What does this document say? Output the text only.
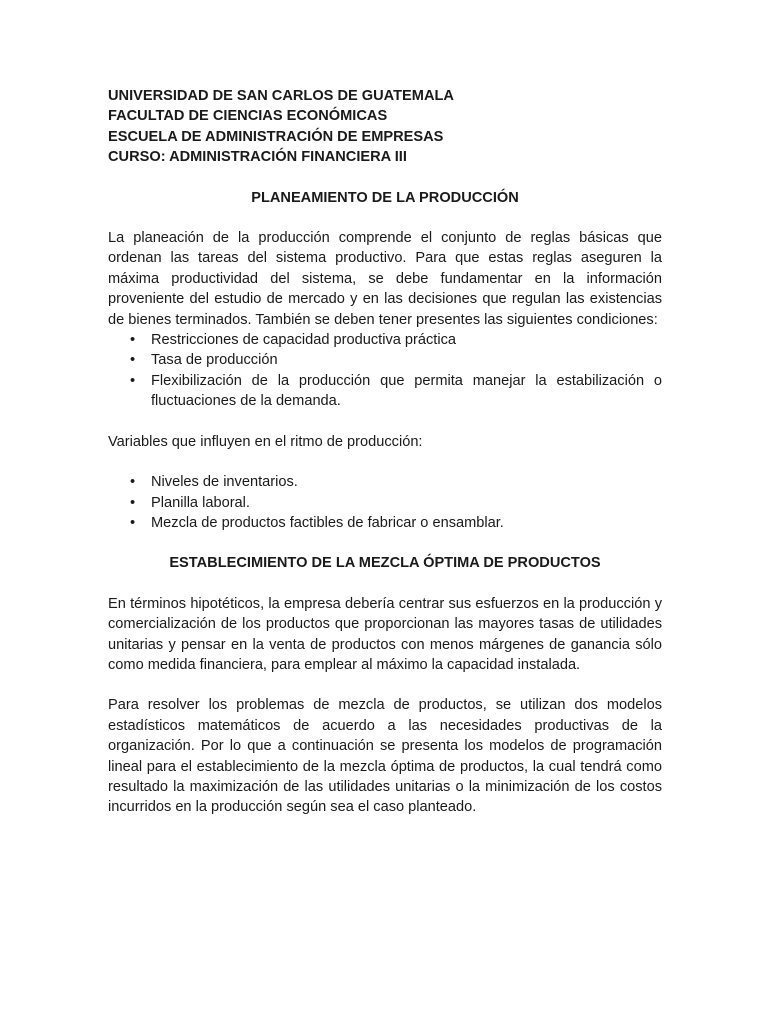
UNIVERSIDAD DE SAN CARLOS DE GUATEMALA

FACULTAD DE CIENCIAS ECONÓMICAS

ESCUELA DE ADMINISTRACIÓN DE EMPRESAS

CURSO: ADMINISTRACIÓN FINANCIERA III

PLANEAMIENTO DE LA PRODUCCIÓN

La planeación de la producción comprende el conjunto de reglas básicas que ordenan las tareas del sistema productivo. Para que estas reglas aseguren la máxima productividad del sistema, se debe fundamentar en la información proveniente del estudio de mercado y en las decisiones que regulan las existencias de bienes terminados. También se deben tener presentes las siguientes condiciones:

• Restricciones de capacidad productiva práctica
• Tasa de producción
• Flexibilización de la producción que permita manejar la estabilización o fluctuaciones de la demanda.

Variables que influyen en el ritmo de producción:

• Niveles de inventarios.
• Planilla laboral.
• Mezcla de productos factibles de fabricar o ensamblar.

ESTABLECIMIENTO DE LA MEZCLA ÓPTIMA DE PRODUCTOS

En términos hipotéticos, la empresa debería centrar sus esfuerzos en la producción y comercialización de los productos que proporcionan las mayores tasas de utilidades unitarias y pensar en la venta de productos con menos márgenes de ganancia sólo como medida financiera, para emplear al máximo la capacidad instalada.

Para resolver los problemas de mezcla de productos, se utilizan dos modelos estadísticos matemáticos de acuerdo a las necesidades productivas de la organización. Por lo que a continuación se presenta los modelos de programación lineal para el establecimiento de la mezcla óptima de productos, la cual tendrá como resultado la maximización de las utilidades unitarias o la minimización de los costos incurridos en la producción según sea el caso planteado.
